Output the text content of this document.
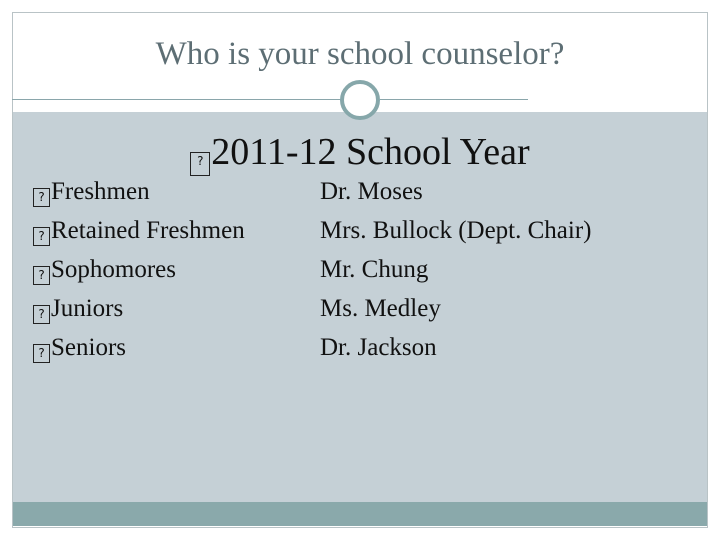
Who is your school counselor?
? 2011-12 School Year
? Freshmen	Dr. Moses
? Retained Freshmen	Mrs. Bullock (Dept. Chair)
? Sophomores	Mr. Chung
? Juniors	Ms. Medley
? Seniors	Dr. Jackson
